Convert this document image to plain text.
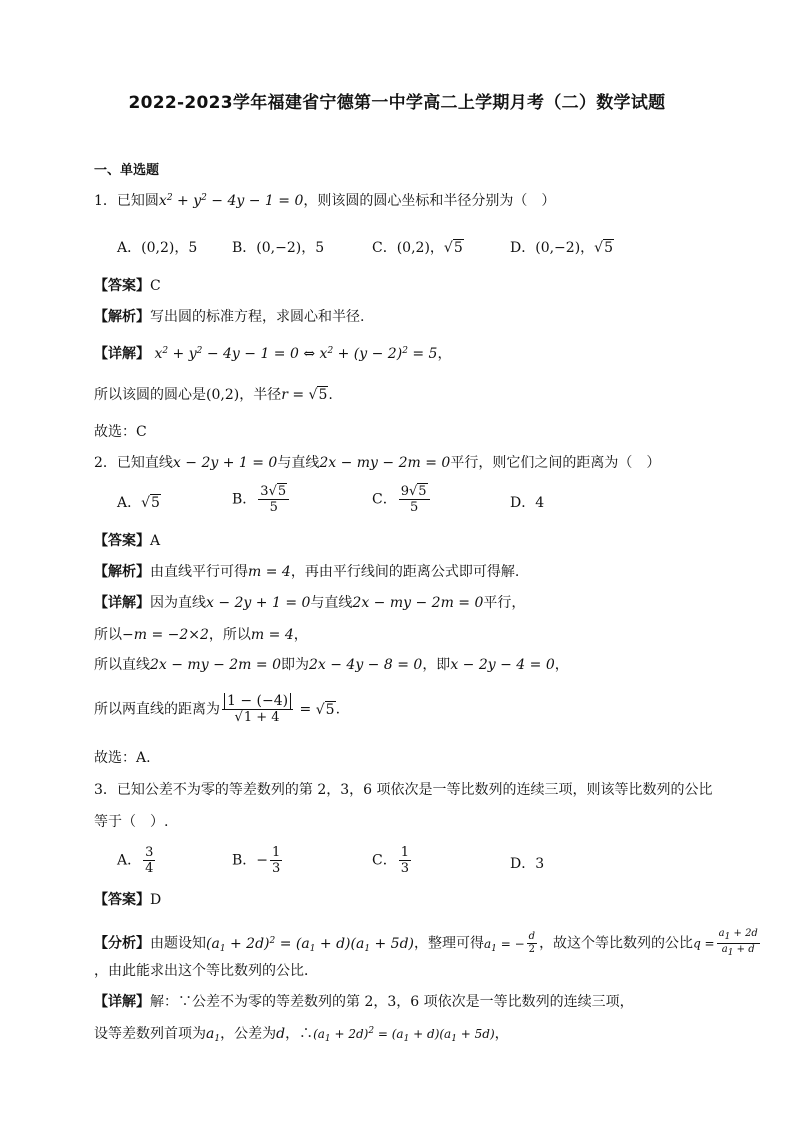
2022-2023学年福建省宁德第一中学高二上学期月考（二）数学试题
一、单选题
1．已知圆$x^2 + y^2 - 4y - 1 = 0$，则该圆的圆心坐标和半径分别为（　）
A．(0,2)，5 B．(0,−2)，5	C．(0,2)，√5	D．(0,−2)，√5
【答案】C
【解析】写出圆的标准方程，求圆心和半径.
【详解】 $x^2 + y^2 - 4y - 1 = 0$ ⇔ $x^2 + (y - 2)^2 = 5$，
所以该圆的圆心是(0,2)，半径r = √5.
故选：C
2．已知直线x − 2y + 1 = 0与直线2x − my − 2m = 0平行，则它们之间的距离为（　）
A．√5	B． $\frac{3√5}{5}$	C． $\frac{9√5}{5}$	D．4
【答案】A
【解析】由直线平行可得m = 4，再由平行线间的距离公式即可得解.
【详解】因为直线x − 2y + 1 = 0与直线2x − my − 2m = 0平行，
所以−m = −2×2，所以m = 4，
所以直线2x − my − 2m = 0即为2x − 4y − 8 = 0，即x − 2y − 4 = 0，
所以两直线的距离为 $\frac{1 - (-4)}{√1 + 4} = √5$.
故选：A.
3．已知公差不为零的等差数列的第 2，3，6 项依次是一等比数列的连续三项，则该等比数列的公比
等于（　）.
A． $\frac{3}{4}$	B．− $\frac{1}{3}$	C． $\frac{1}{3}$	D．3
【答案】D
【分析】由题设知$(a_1 + 2d)^2 = (a_1 + d)(a_1 + 5d)$，整理可得$a_1$ = − $\frac{d}{2}$ ，故这个等比数列的公比$q = \frac{a_1 + 2d}{a_1 + d}$
，由此能求出这个等比数列的公比．
【详解】解：∵公差不为零的等差数列的第 2，3，6 项依次是一等比数列的连续三项，
设等差数列首项为$a_1$，公差为d，$\therefore(a_1 + 2d)^2 = (a_1 + d)(a_1 + 5d)$，
